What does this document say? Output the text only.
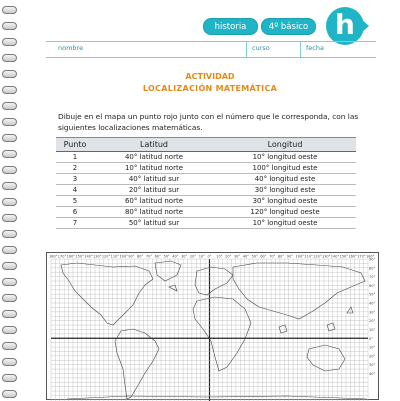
historia	4º básico h
nombre	curso	fecha
ACTIVIDAD
LOCALIZACIÓN MATEMÁTICA
Dibuje en el mapa un punto rojo junto con el número que le corresponda, con las siguientes localizaciones matemáticas.
Punto	Latitud	Longitud
1	40° latitud norte	10° longitud oeste
2	10° latitud norte	100° longitud este
3	40° latitud sur	40° longitud este
4	20° latitud sur	30° longitud este
5	60° latitud norte	30° longitud oeste
6	80° latitud norte	120° longitud oeste
7	50° latitud sur	10° longitud oeste
180° 170° 160° 150° 140° 130° 120° 110° 100° 90° 80° 70° 60° 50° 40° 30° 20° 10° 0° 10° 20° 30° 40° 50° 60° 70° 80° 90° 100° 110° 120° 130° 140° 150° 160° 170° 180°
90°
80°
70°
60°
50°
40°
30°
20°
10°
0°
10°
20°
30°
40°
